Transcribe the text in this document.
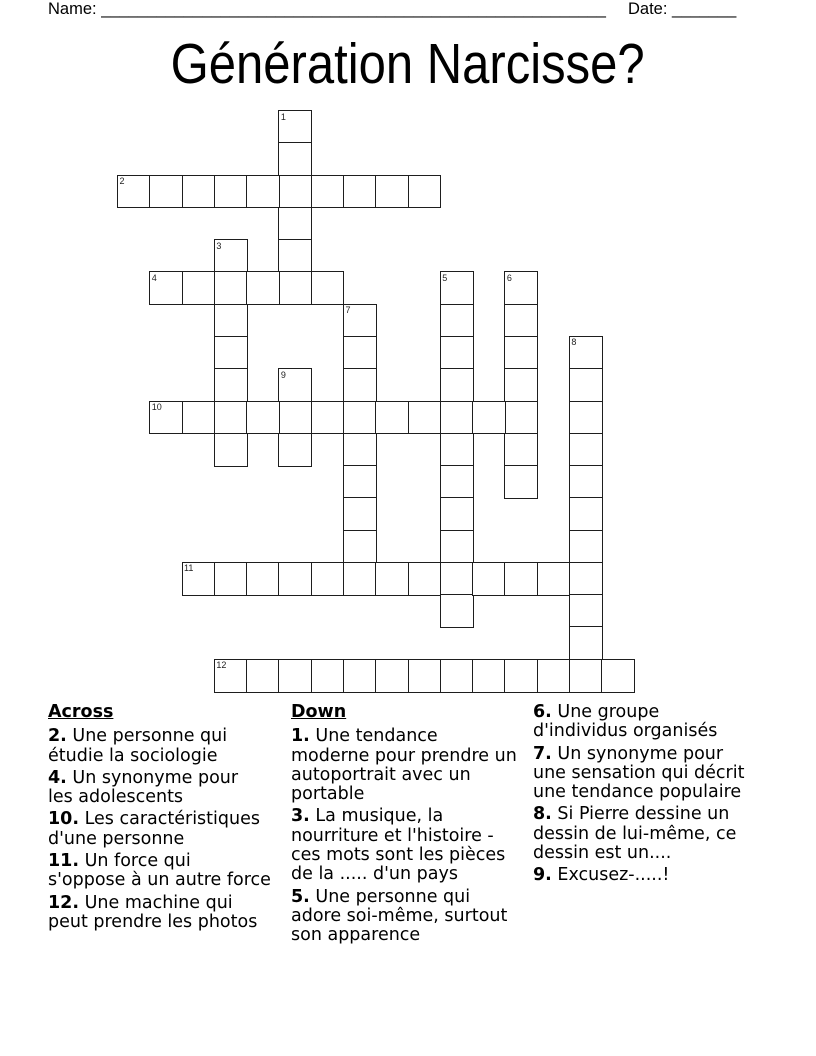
Name: _______________________________________________________ Date: _______
Génération Narcisse?
1
2
3
4	5	6
7
8
9
10
11
12
Across
2. Une personne qui
étudie la sociologie
4. Un synonyme pour
les adolescents
10. Les caractéristiques
d'une personne
11. Un force qui
s'oppose à un autre force
12. Une machine qui
peut prendre les photos
Down
1. Une tendance
moderne pour prendre un
autoportrait avec un
portable
3. La musique, la
nourriture et l'histoire -
ces mots sont les pièces
de la ..... d'un pays
5. Une personne qui
adore soi-même, surtout
son apparence
6. Une groupe
d'individus organisés
7. Un synonyme pour
une sensation qui décrit
une tendance populaire
8. Si Pierre dessine un
dessin de lui-même, ce
dessin est un....
9. Excusez-.....!
